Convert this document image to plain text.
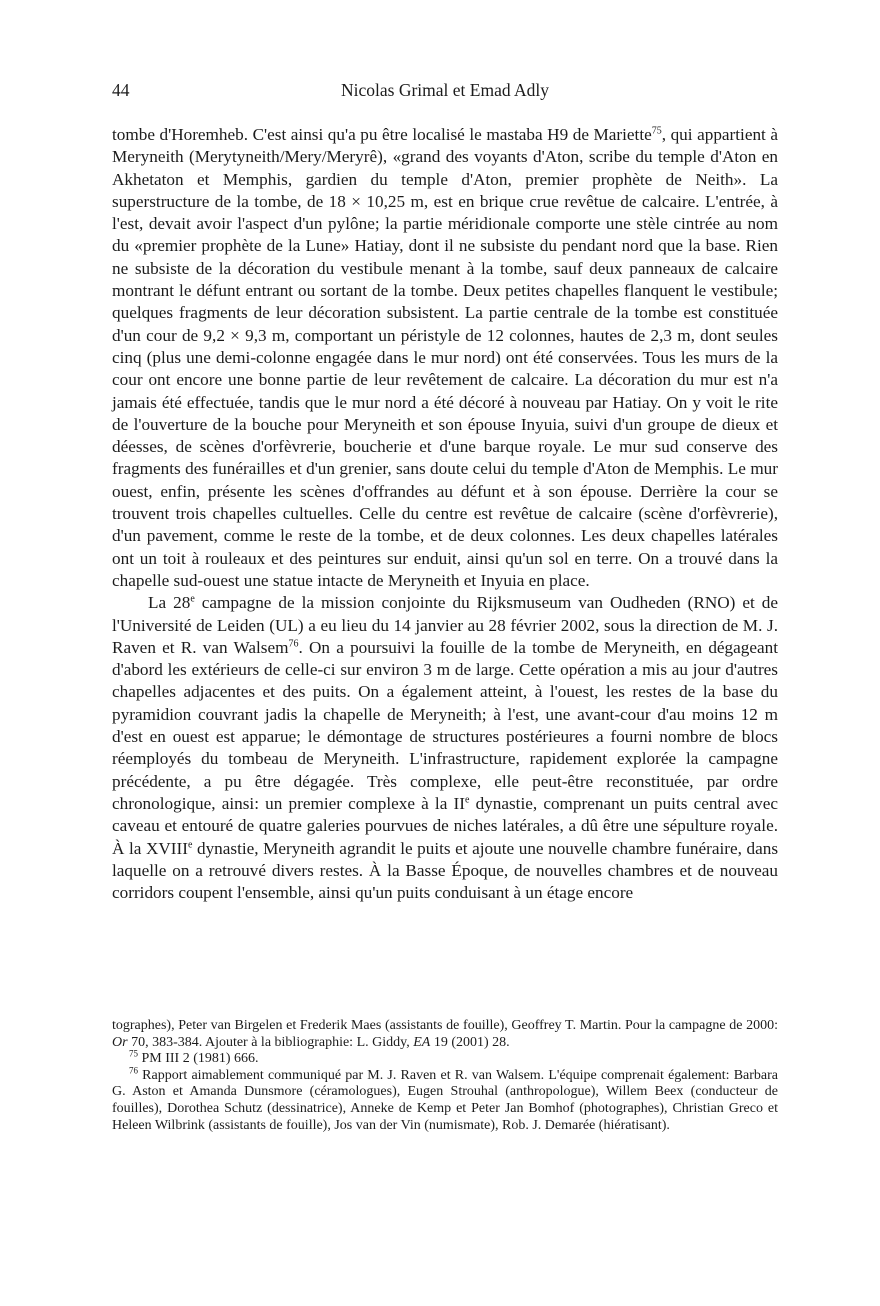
44	Nicolas Grimal et Emad Adly

tombe d'Horemheb. C'est ainsi qu'a pu être localisé le mastaba H9 de Mariette$^{75}$, qui appartient à Meryneith (Merytyneith/Mery/Meryrê), «grand des voyants d'Aton, scribe du temple d'Aton en Akhetaton et Memphis, gardien du temple d'Aton, premier prophète de Neith». La superstructure de la tombe, de 18 × 10,25 m, est en brique crue revêtue de calcaire. L'entrée, à l'est, devait avoir l'aspect d'un pylône; la partie méridionale comporte une stèle cintrée au nom du «premier prophète de la Lune» Hatiay, dont il ne subsiste du pendant nord que la base. Rien ne subsiste de la décoration du vestibule menant à la tombe, sauf deux panneaux de calcaire montrant le défunt entrant ou sortant de la tombe. Deux petites chapelles flanquent le vestibule; quelques fragments de leur décoration subsistent. La partie centrale de la tombe est constituée d'un cour de 9,2 × 9,3 m, comportant un péristyle de 12 colonnes, hautes de 2,3 m, dont seules cinq (plus une demi-colonne engagée dans le mur nord) ont été conservées. Tous les murs de la cour ont encore une bonne partie de leur revêtement de calcaire. La décoration du mur est n'a jamais été effectuée, tandis que le mur nord a été décoré à nouveau par Hatiay. On y voit le rite de l'ouverture de la bouche pour Meryneith et son épouse Inyuia, suivi d'un groupe de dieux et déesses, de scènes d'orfèvrerie, boucherie et d'une barque royale. Le mur sud conserve des fragments des funérailles et d'un grenier, sans doute celui du temple d'Aton de Memphis. Le mur ouest, enfin, présente les scènes d'offrandes au défunt et à son épouse. Derrière la cour se trouvent trois chapelles cultuelles. Celle du centre est revêtue de calcaire (scène d'orfèvrerie), d'un pavement, comme le reste de la tombe, et de deux colonnes. Les deux chapelles latérales ont un toit à rouleaux et des peintures sur enduit, ainsi qu'un sol en terre. On a trouvé dans la chapelle sud-ouest une statue intacte de Meryneith et Inyuia en place.

La 28e campagne de la mission conjointe du Rijksmuseum van Oudheden (RNO) et de l'Université de Leiden (UL) a eu lieu du 14 janvier au 28 février 2002, sous la direction de M. J. Raven et R. van Walsem$^{76}$. On a poursuivi la fouille de la tombe de Meryneith, en dégageant d'abord les extérieurs de celle-ci sur environ 3 m de large. Cette opération a mis au jour d'autres chapelles adjacentes et des puits. On a également atteint, à l'ouest, les restes de la base du pyramidion couvrant jadis la chapelle de Meryneith; à l'est, une avant-cour d'au moins 12 m d'est en ouest est apparue; le démontage de structures postérieures a fourni nombre de blocs réemployés du tombeau de Meryneith. L'infrastructure, rapidement explorée la campagne précédente, a pu être dégagée. Très complexe, elle peut-être reconstituée, par ordre chronologique, ainsi: un premier complexe à la IIe dynastie, comprenant un puits central avec caveau et entouré de quatre galeries pourvues de niches latérales, a dû être une sépulture royale. À la XVIIIe dynastie, Meryneith agrandit le puits et ajoute une nouvelle chambre funéraire, dans laquelle on a retrouvé divers restes. À la Basse Époque, de nouvelles chambres et de nouveau corridors coupent l'ensemble, ainsi qu'un puits conduisant à un étage encore

tographes), Peter van Birgelen et Frederik Maes (assistants de fouille), Geoffrey T. Martin. Pour la campagne de 2000: Or 70, 383-384. Ajouter à la bibliographie: L. Giddy, EA 19 (2001) 28.

$^{75}$ PM III 2 (1981) 666.

$^{76}$ Rapport aimablement communiqué par M. J. Raven et R. van Walsem. L'équipe comprenait également: Barbara G. Aston et Amanda Dunsmore (céramologues), Eugen Strouhal (anthropologue), Willem Beex (conducteur de fouilles), Dorothea Schutz (dessinatrice), Anneke de Kemp et Peter Jan Bomhof (photographes), Christian Greco et Heleen Wilbrink (assistants de fouille), Jos van der Vin (numismate), Rob. J. Demarée (hiératisant).
